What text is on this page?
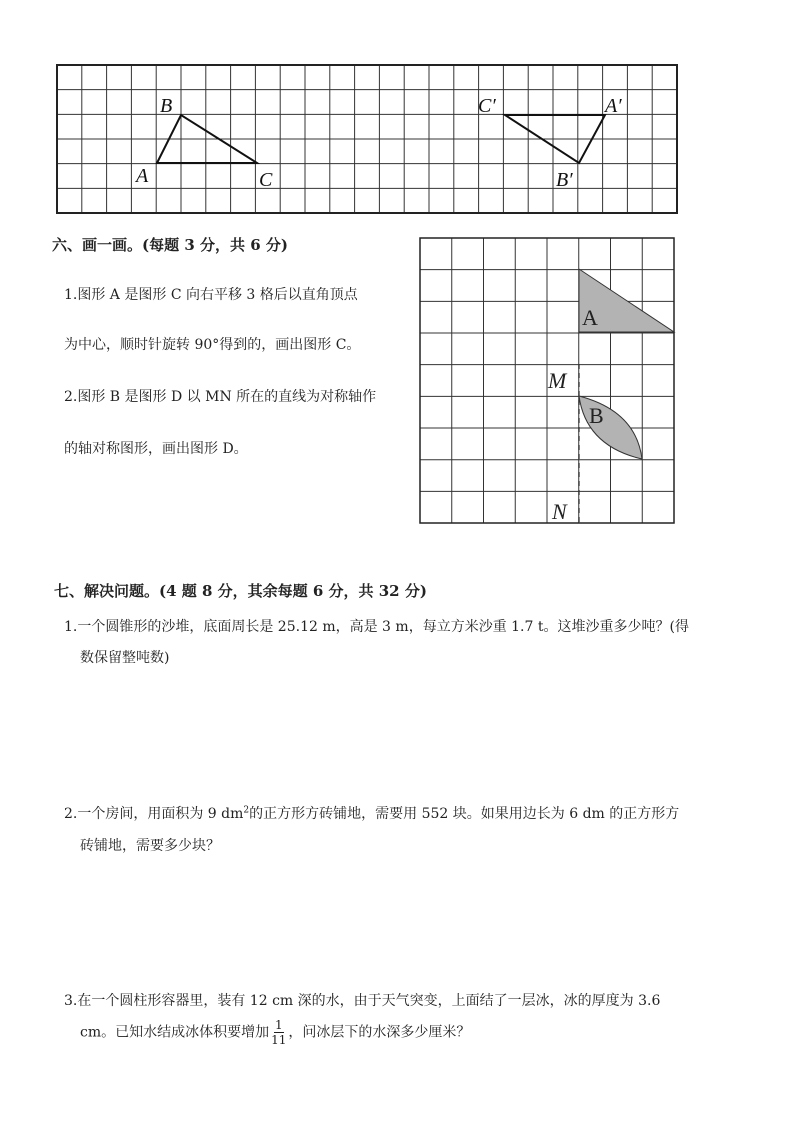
B
A	C
C′	A′
B′
六、画一画。(每题 3 分，共 6 分)
1.图形 A 是图形 C 向右平移 3 格后以直角顶点
为中心，顺时针旋转 90°得到的，画出图形 C。
2.图形 B 是图形 D 以 MN 所在的直线为对称轴作
的轴对称图形，画出图形 D。
A
B
M
N
七、解决问题。(4 题 8 分，其余每题 6 分，共 32 分)
1.一个圆锥形的沙堆，底面周长是 25.12 m，高是 3 m，每立方米沙重 1.7 t。这堆沙重多少吨？(得
数保留整吨数)
2.一个房间，用面积为 9 $dm^2$的正方形方砖铺地，需要用 552 块。如果用边长为 6 dm 的正方形方
砖铺地，需要多少块？
3.在一个圆柱形容器里，装有 12 cm 深的水，由于天气突变，上面结了一层冰，冰的厚度为 3.6
cm。已知水结成冰体积要增加 $\frac{1}{11}$ ，问冰层下的水深多少厘米？
